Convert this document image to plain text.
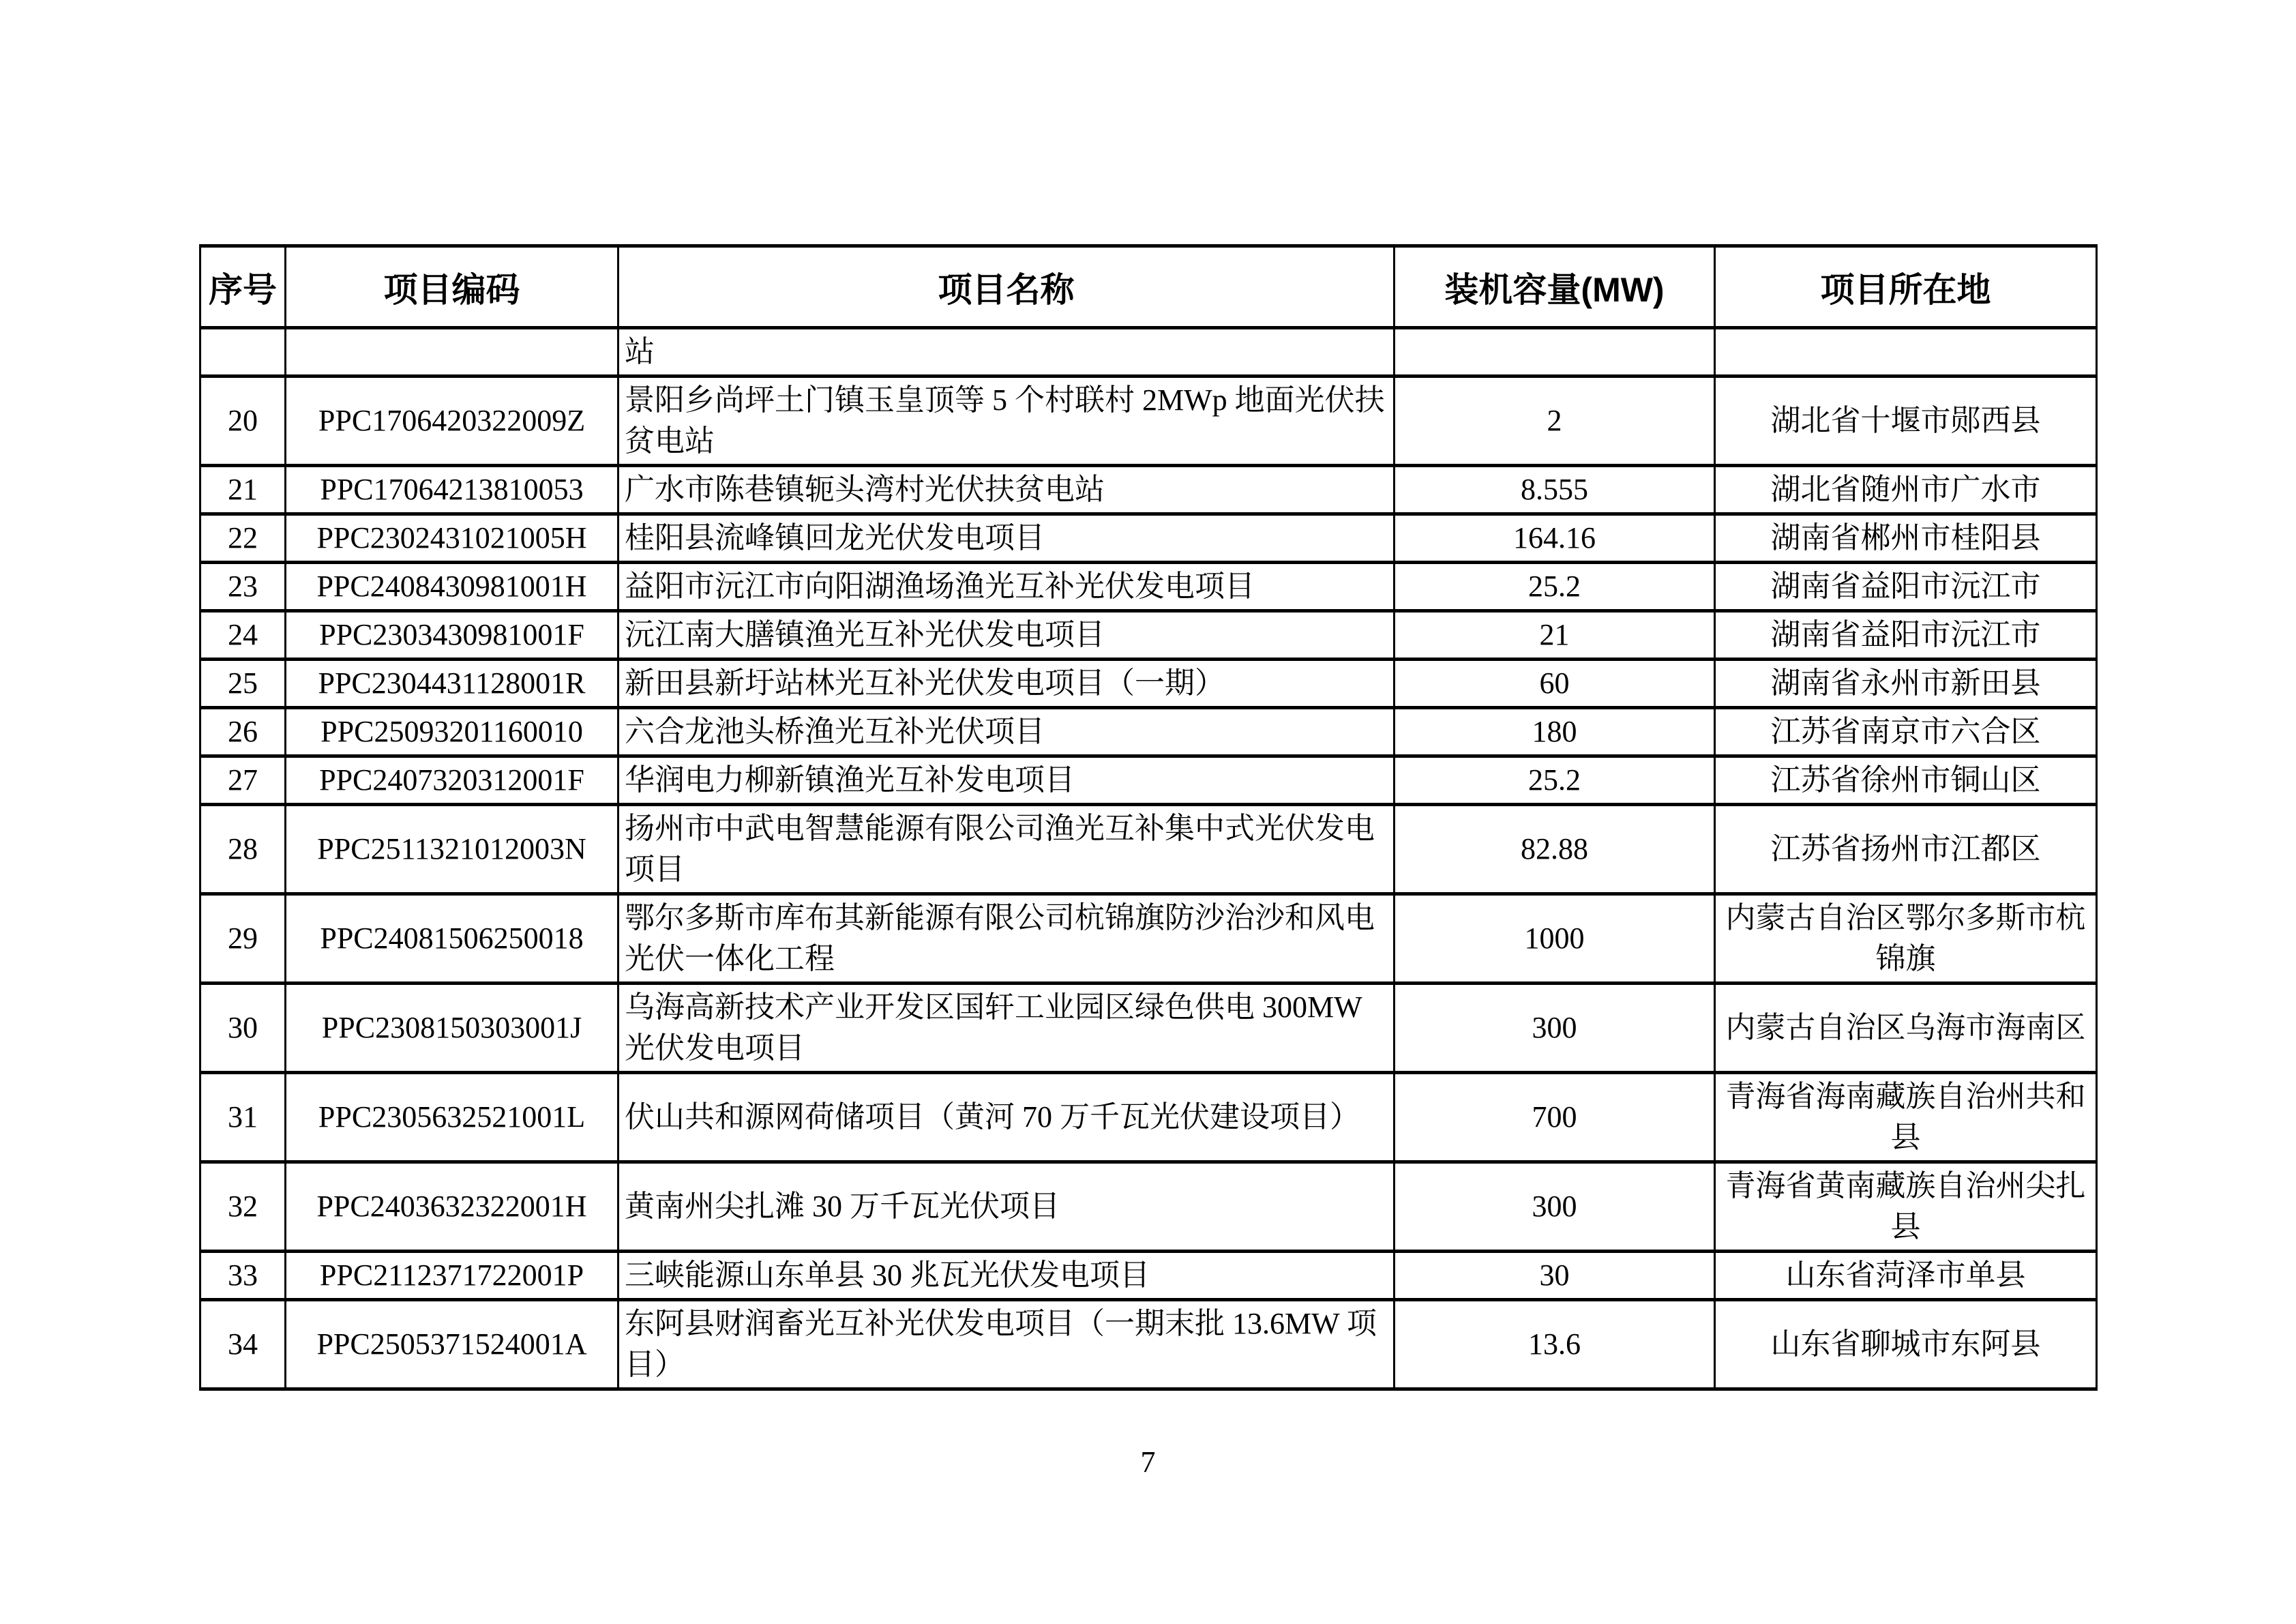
序号	项目编码	项目名称	装机容量(MW)	项目所在地
		站		
20	PPC1706420322009Z	景阳乡尚坪土门镇玉皇顶等 5 个村联村 2MWp 地面光伏扶贫电站	2	湖北省十堰市郧西县
21	PPC17064213810053	广水市陈巷镇轭头湾村光伏扶贫电站	8.555	湖北省随州市广水市
22	PPC2302431021005H	桂阳县流峰镇回龙光伏发电项目	164.16	湖南省郴州市桂阳县
23	PPC2408430981001H	益阳市沅江市向阳湖渔场渔光互补光伏发电项目	25.2	湖南省益阳市沅江市
24	PPC2303430981001F	沅江南大膳镇渔光互补光伏发电项目	21	湖南省益阳市沅江市
25	PPC2304431128001R	新田县新圩站林光互补光伏发电项目（一期）	60	湖南省永州市新田县
26	PPC25093201160010	六合龙池头桥渔光互补光伏项目	180	江苏省南京市六合区
27	PPC2407320312001F	华润电力柳新镇渔光互补发电项目	25.2	江苏省徐州市铜山区
28	PPC2511321012003N	扬州市中武电智慧能源有限公司渔光互补集中式光伏发电项目	82.88	江苏省扬州市江都区
29	PPC24081506250018	鄂尔多斯市库布其新能源有限公司杭锦旗防沙治沙和风电光伏一体化工程	1000	内蒙古自治区鄂尔多斯市杭锦旗
30	PPC2308150303001J	乌海高新技术产业开发区国轩工业园区绿色供电 300MW 光伏发电项目	300	内蒙古自治区乌海市海南区
31	PPC2305632521001L	伏山共和源网荷储项目（黄河 70 万千瓦光伏建设项目）	700	青海省海南藏族自治州共和县
32	PPC2403632322001H	黄南州尖扎滩 30 万千瓦光伏项目	300	青海省黄南藏族自治州尖扎县
33	PPC2112371722001P	三峡能源山东单县 30 兆瓦光伏发电项目	30	山东省菏泽市单县
34	PPC2505371524001A	东阿县财润畜光互补光伏发电项目（一期末批 13.6MW 项目）	13.6	山东省聊城市东阿县
7
